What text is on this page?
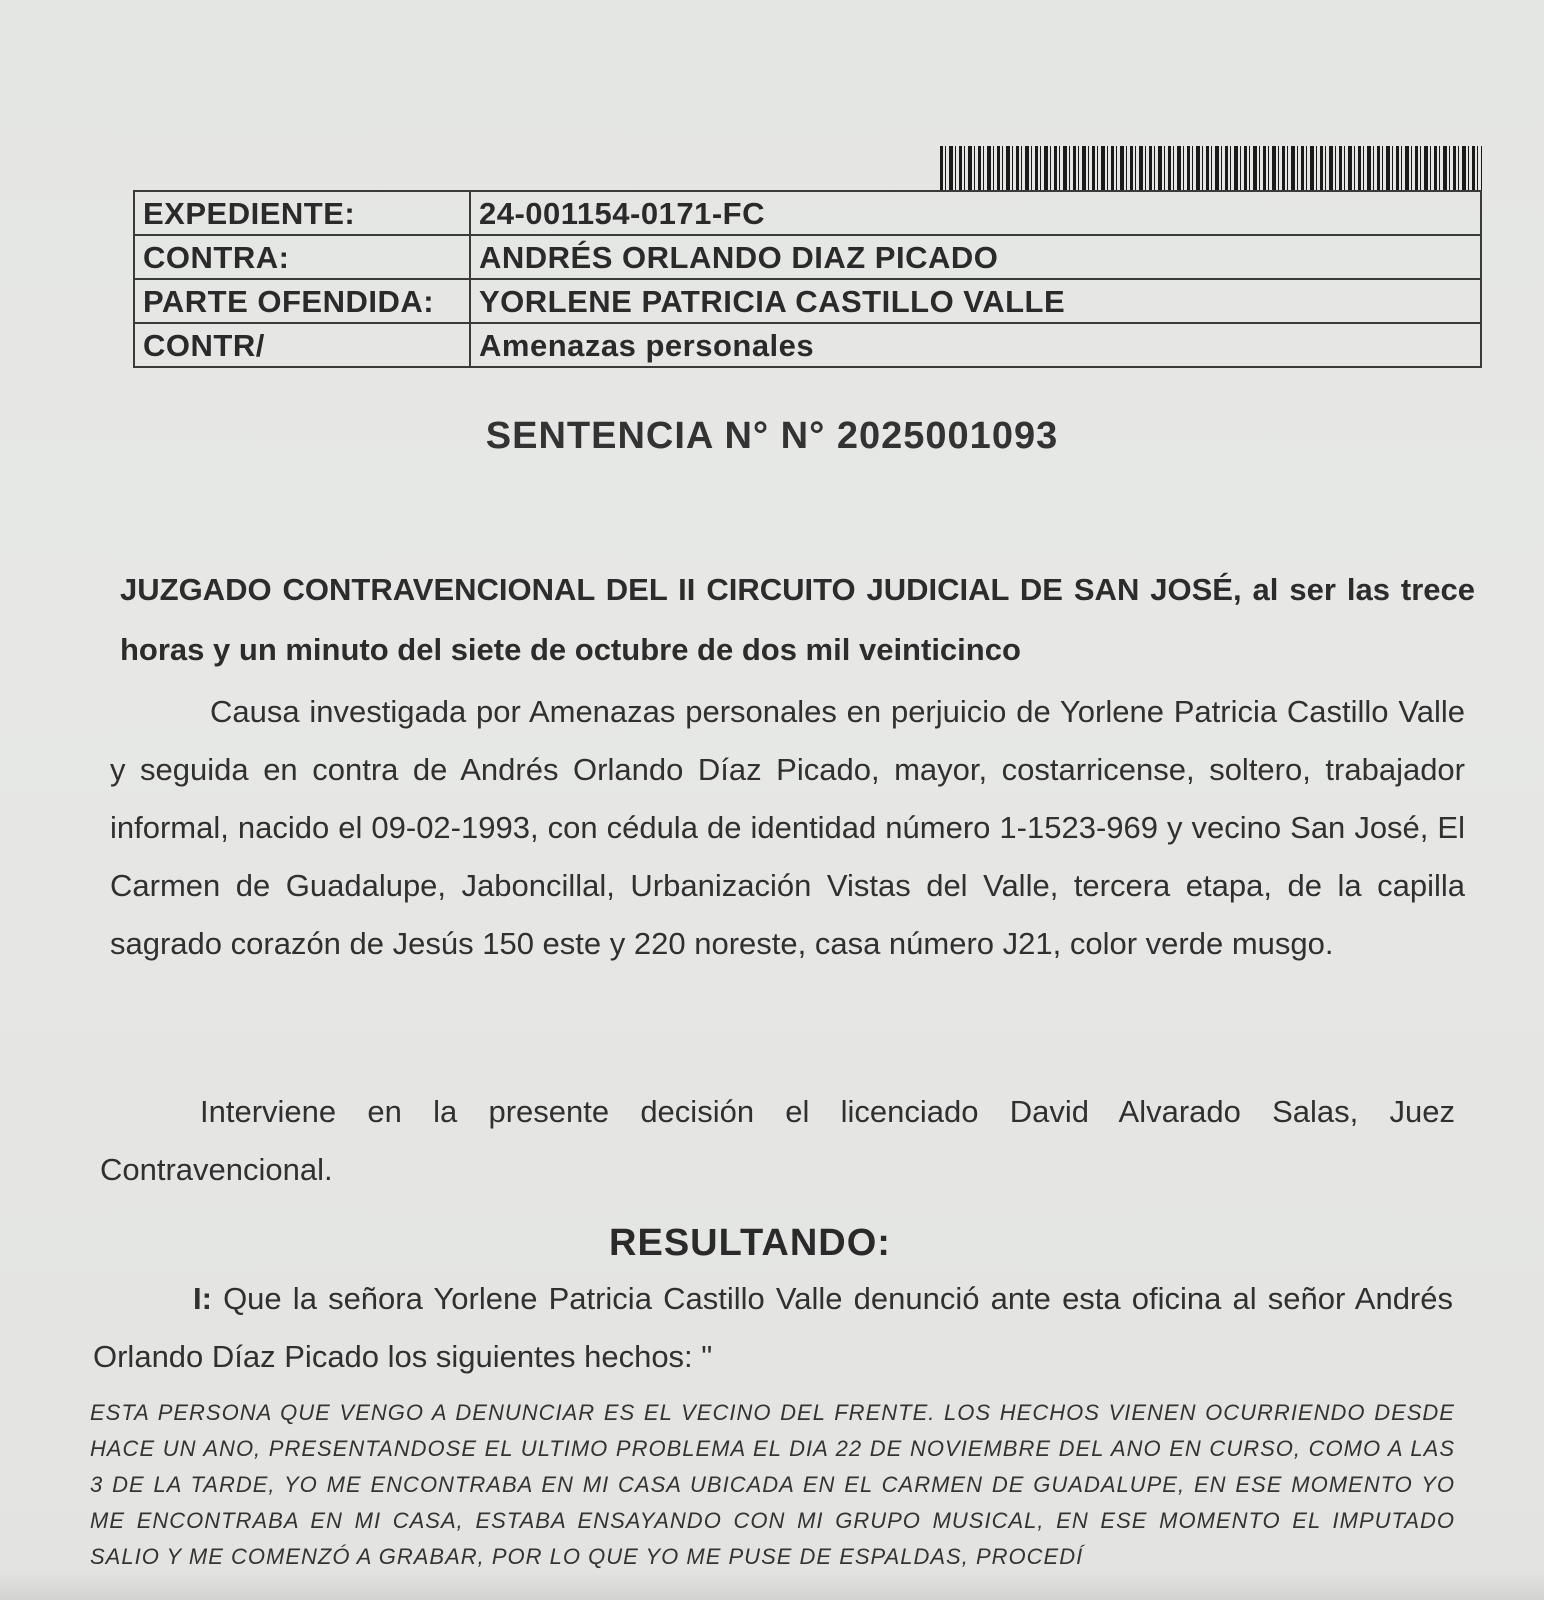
EXPEDIENTE:	24-001154-0171-FC
CONTRA:	ANDRÉS ORLANDO DIAZ PICADO
PARTE OFENDIDA:	YORLENE PATRICIA CASTILLO VALLE
CONTR/	Amenazas personales
SENTENCIA N° N° 2025001093
JUZGADO CONTRAVENCIONAL DEL II CIRCUITO JUDICIAL DE SAN JOSÉ, al ser las trece horas y un minuto del siete de octubre de dos mil veinticinco
Causa investigada por Amenazas personales en perjuicio de Yorlene Patricia Castillo Valle y seguida en contra de Andrés Orlando Díaz Picado, mayor, costarricense, soltero, trabajador informal, nacido el 09-02-1993, con cédula de identidad número 1-1523-969 y vecino San José, El Carmen de Guadalupe, Jaboncillal, Urbanización Vistas del Valle, tercera etapa, de la capilla sagrado corazón de Jesús 150 este y 220 noreste, casa número J21, color verde musgo.
Interviene en la presente decisión el licenciado David Alvarado Salas, Juez Contravencional.
RESULTANDO:
I: Que la señora Yorlene Patricia Castillo Valle denunció ante esta oficina al señor Andrés Orlando Díaz Picado los siguientes hechos: "
ESTA PERSONA QUE VENGO A DENUNCIAR ES EL VECINO DEL FRENTE. LOS HECHOS VIENEN OCURRIENDO DESDE HACE UN ANO, PRESENTANDOSE EL ULTIMO PROBLEMA EL DIA 22 DE NOVIEMBRE DEL ANO EN CURSO, COMO A LAS 3 DE LA TARDE, YO ME ENCONTRABA EN MI CASA UBICADA EN EL CARMEN DE GUADALUPE, EN ESE MOMENTO YO ME ENCONTRABA EN MI CASA, ESTABA ENSAYANDO CON MI GRUPO MUSICAL, EN ESE MOMENTO EL IMPUTADO SALIO Y ME COMENZÓ A GRABAR, POR LO QUE YO ME PUSE DE ESPALDAS, PROCEDÍ
